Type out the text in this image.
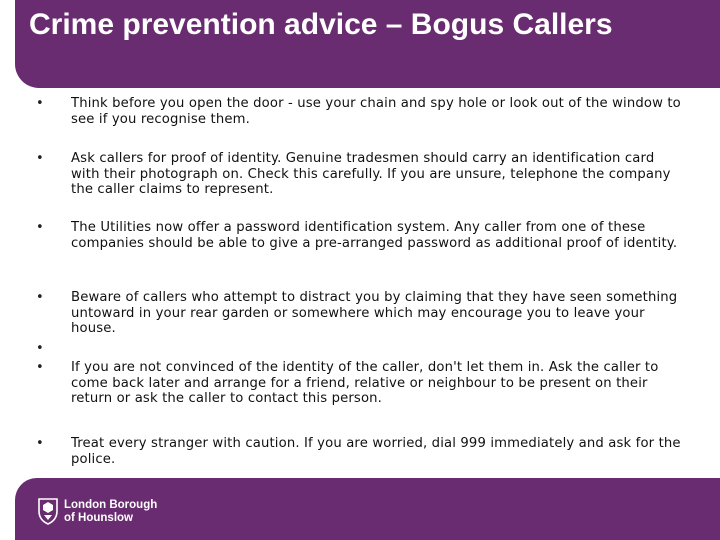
Crime prevention advice – Bogus Callers
• Think before you open the door - use your chain and spy hole or look out of the window to see if you recognise them.
• Ask callers for proof of identity. Genuine tradesmen should carry an identification card with their photograph on. Check this carefully. If you are unsure, telephone the company the caller claims to represent.
• The Utilities now offer a password identification system. Any caller from one of these companies should be able to give a pre-arranged password as additional proof of identity.
• Beware of callers who attempt to distract you by claiming that they have seen something untoward in your rear garden or somewhere which may encourage you to leave your house.
•
• If you are not convinced of the identity of the caller, don't let them in. Ask the caller to come back later and arrange for a friend, relative or neighbour to be present on their return or ask the caller to contact this person.
• Treat every stranger with caution. If you are worried, dial 999 immediately and ask for the police.
London Borough
of Hounslow
